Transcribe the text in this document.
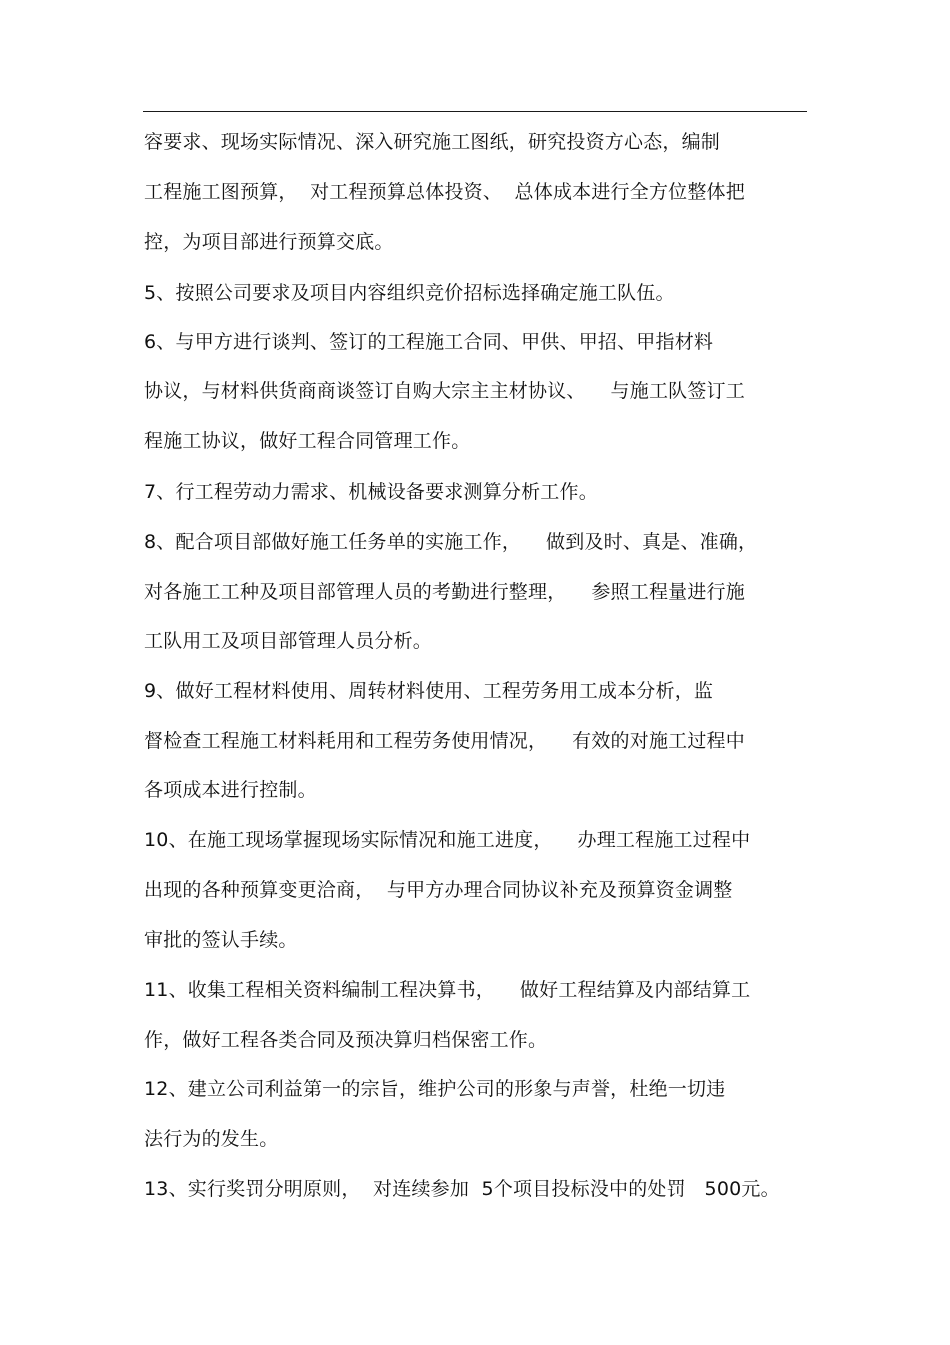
容要求、现场实际情况、深入研究施工图纸，研究投资方心态，编制
工程施工图预算，  对工程预算总体投资、  总体成本进行全方位整体把
控，为项目部进行预算交底。
5、按照公司要求及项目内容组织竞价招标选择确定施工队伍。
6、与甲方进行谈判、签订的工程施工合同、甲供、甲招、甲指材料
协议，与材料供货商商谈签订自购大宗主主材协议、    与施工队签订工
程施工协议，做好工程合同管理工作。
7、行工程劳动力需求、机械设备要求测算分析工作。
8、配合项目部做好施工任务单的实施工作，    做到及时、真是、准确，
对各施工工种及项目部管理人员的考勤进行整理，    参照工程量进行施
工队用工及项目部管理人员分析。
9、做好工程材料使用、周转材料使用、工程劳务用工成本分析，监
督检查工程施工材料耗用和工程劳务使用情况，    有效的对施工过程中
各项成本进行控制。
10、在施工现场掌握现场实际情况和施工进度，    办理工程施工过程中
出现的各种预算变更洽商，  与甲方办理合同协议补充及预算资金调整
审批的签认手续。
11、收集工程相关资料编制工程决算书，    做好工程结算及内部结算工
作，做好工程各类合同及预决算归档保密工作。
12、建立公司利益第一的宗旨，维护公司的形象与声誉，杜绝一切违
法行为的发生。
13、实行奖罚分明原则，  对连续参加  5个项目投标没中的处罚   500元。
